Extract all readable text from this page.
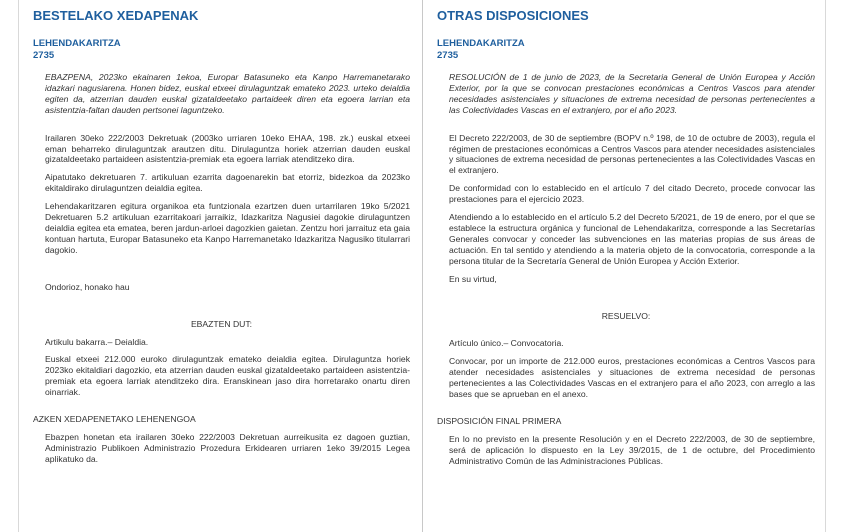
BESTELAKO XEDAPENAK
LEHENDAKARITZA
2735

EBAZPENA, 2023ko ekainaren 1ekoa, Europar Batasuneko eta Kanpo Harremanetarako idazkari nagusiarena. Honen bidez, euskal etxeei dirulaguntzak emateko 2023. urteko deialdia egiten da, atzerrian dauden euskal gizataldeetako partaideek diren eta egoera larrian eta asistentzia-faltan dauden pertsonei laguntzeko.

Irailaren 30eko 222/2003 Dekretuak (2003ko urriaren 10eko EHAA, 198. zk.) euskal etxeei eman beharreko dirulaguntzak arautzen ditu. Dirulaguntza horiek atzerrian dauden euskal gizataldeetako partaideen asistentzia-premiak eta egoera larriak atenditzeko dira.

Aipatutako dekretuaren 7. artikuluan ezarrita dagoenarekin bat etorriz, bidezkoa da 2023ko ekitaldirako dirulaguntzen deialdia egitea.

Lehendakaritzaren egitura organikoa eta funtzionala ezartzen duen urtarrilaren 19ko 5/2021 Dekretuaren 5.2 artikuluan ezarritakoari jarraikiz, Idazkaritza Nagusiei dagokie dirulaguntzen deialdia egitea eta ematea, beren jardun-arloei dagozkien gaietan. Zentzu hori jarraituz eta gaia kontuan hartuta, Europar Batasuneko eta Kanpo Harremanetako Idazkaritza Nagusiko titularrari dagokio.

Ondorioz, honako hau

EBAZTEN DUT:

Artikulu bakarra.– Deialdia.

Euskal etxeei 212.000 euroko dirulaguntzak emateko deialdia egitea. Dirulaguntza horiek 2023ko ekitaldiari dagozkio, eta atzerrian dauden euskal gizataldeetako partaideen asistentzia-premiak eta egoera larriak atenditzeko dira. Eranskinean jaso dira horretarako onartu diren oinarriak.

AZKEN XEDAPENETAKO LEHENENGOA

Ebazpen honetan eta irailaren 30eko 222/2003 Dekretuan aurreikusita ez dagoen guztian, Administrazio Publikoen Administrazio Prozedura Erkidearen urriaren 1eko 39/2015 Legea aplikatuko da.

OTRAS DISPOSICIONES
LEHENDAKARITZA
2735

RESOLUCIÓN de 1 de junio de 2023, de la Secretaria General de Unión Europea y Acción Exterior, por la que se convocan prestaciones económicas a Centros Vascos para atender necesidades asistenciales y situaciones de extrema necesidad de personas pertenecientes a las Colectividades Vascas en el extranjero, por el año 2023.

El Decreto 222/2003, de 30 de septiembre (BOPV n.º 198, de 10 de octubre de 2003), regula el régimen de prestaciones económicas a Centros Vascos para atender necesidades asistenciales y situaciones de extrema necesidad de personas pertenecientes a las Colectividades Vascas en el extranjero.

De conformidad con lo establecido en el artículo 7 del citado Decreto, procede convocar las prestaciones para el ejercicio 2023.

Atendiendo a lo establecido en el artículo 5.2 del Decreto 5/2021, de 19 de enero, por el que se establece la estructura orgánica y funcional de Lehendakaritza, corresponde a las Secretarías Generales convocar y conceder las subvenciones en las materias propias de sus áreas de actuación. En tal sentido y atendiendo a la materia objeto de la convocatoria, corresponde a la persona titular de la Secretaría General de Unión Europea y Acción Exterior.

En su virtud,

RESUELVO:

Artículo único.– Convocatoria.

Convocar, por un importe de 212.000 euros, prestaciones económicas a Centros Vascos para atender necesidades asistenciales y situaciones de extrema necesidad de personas pertenecientes a las Colectividades Vascas en el extranjero para el año 2023, con arreglo a las bases que se aprueban en el anexo.

DISPOSICIÓN FINAL PRIMERA

En lo no previsto en la presente Resolución y en el Decreto 222/2003, de 30 de septiembre, será de aplicación lo dispuesto en la Ley 39/2015, de 1 de octubre, del Procedimiento Administrativo Común de las Administraciones Públicas.
